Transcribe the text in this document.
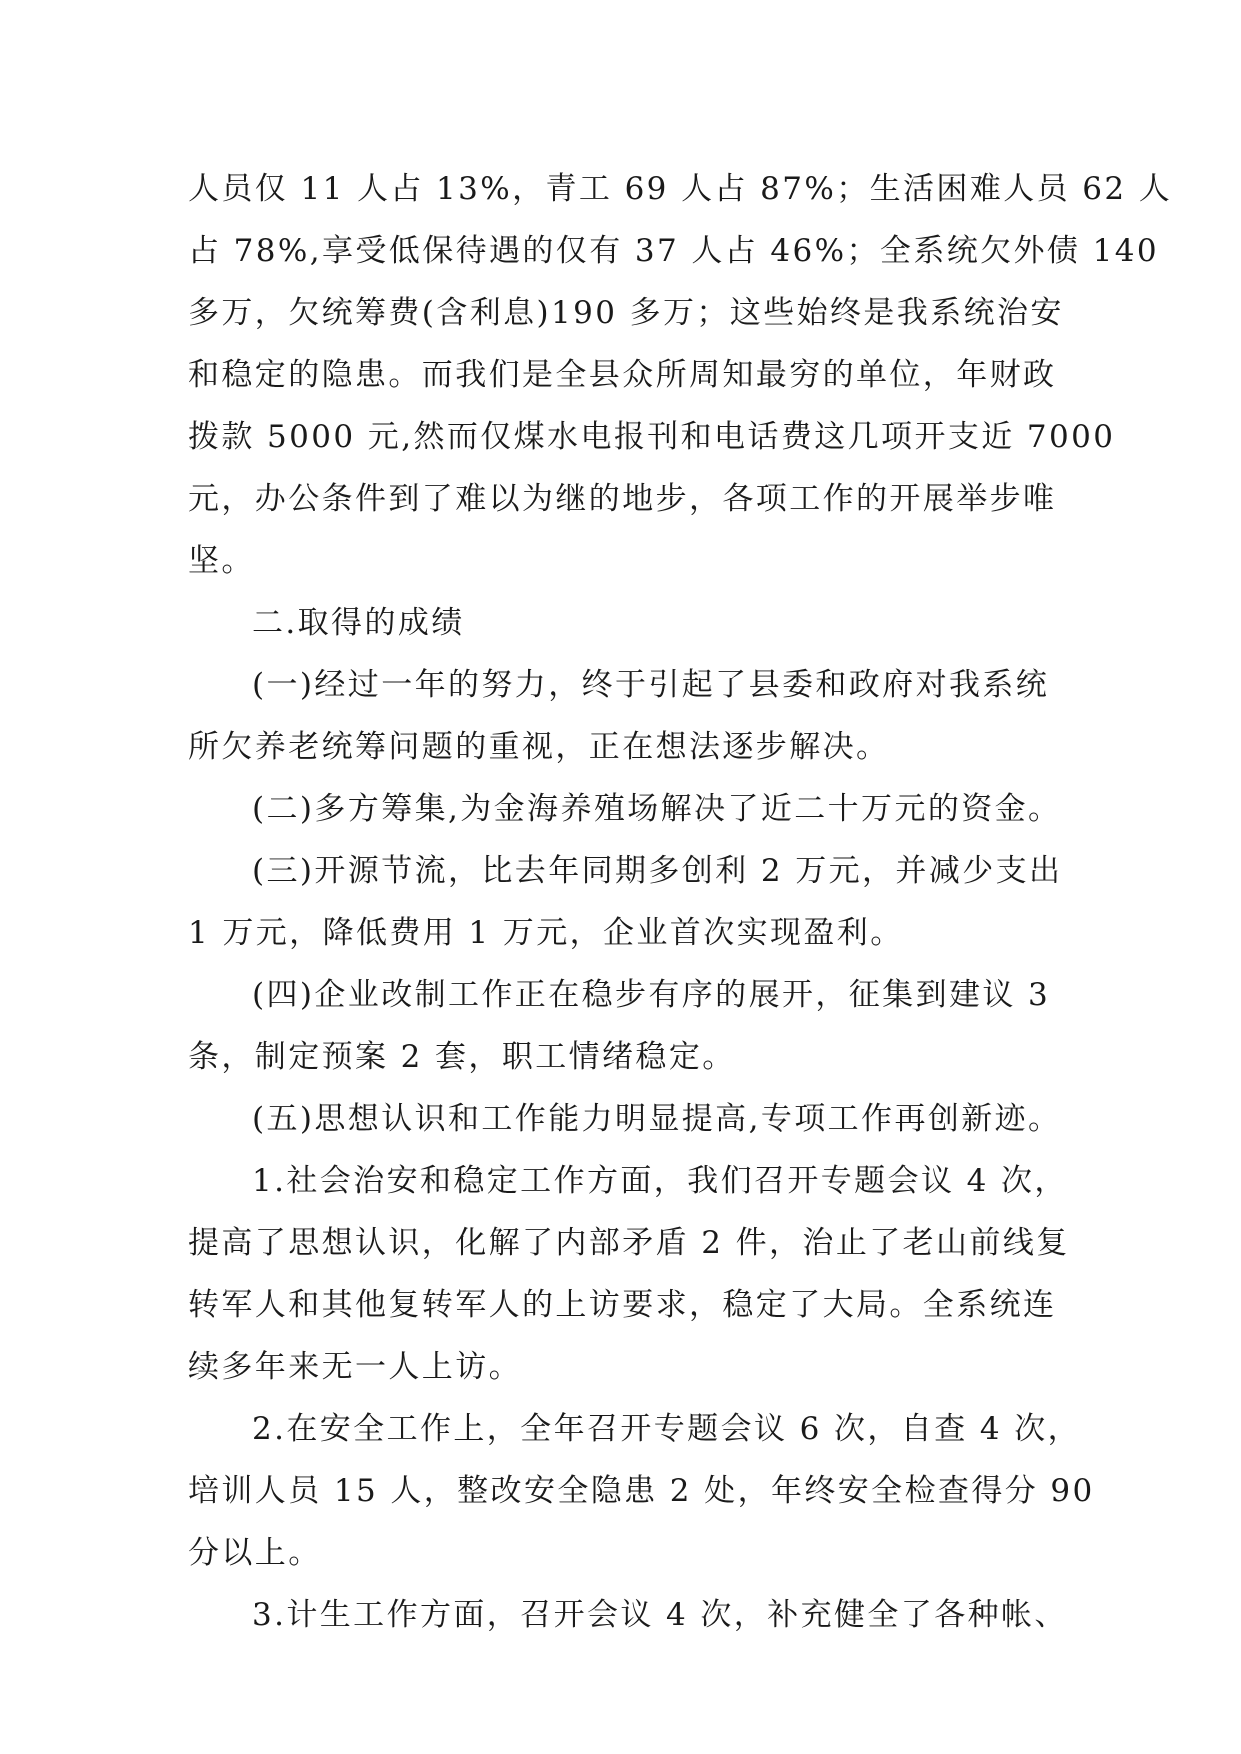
人员仅 11 人占 13%，青工 69 人占 87%；生活困难人员 62 人
占 78%,享受低保待遇的仅有 37 人占 46%；全系统欠外债 140
多万，欠统筹费(含利息)190 多万；这些始终是我系统治安
和稳定的隐患。而我们是全县众所周知最穷的单位，年财政
拨款 5000 元,然而仅煤水电报刊和电话费这几项开支近 7000
元，办公条件到了难以为继的地步，各项工作的开展举步唯
坚。
二.取得的成绩
(一)经过一年的努力，终于引起了县委和政府对我系统
所欠养老统筹问题的重视，正在想法逐步解决。
(二)多方筹集,为金海养殖场解决了近二十万元的资金。
(三)开源节流，比去年同期多创利 2 万元，并减少支出
1 万元，降低费用 1 万元，企业首次实现盈利。
(四)企业改制工作正在稳步有序的展开，征集到建议 3
条，制定预案 2 套，职工情绪稳定。
(五)思想认识和工作能力明显提高,专项工作再创新迹。
1.社会治安和稳定工作方面，我们召开专题会议 4 次，
提高了思想认识，化解了内部矛盾 2 件，治止了老山前线复
转军人和其他复转军人的上访要求，稳定了大局。全系统连
续多年来无一人上访。
2.在安全工作上，全年召开专题会议 6 次，自查 4 次，
培训人员 15 人，整改安全隐患 2 处，年终安全检查得分 90
分以上。
3.计生工作方面，召开会议 4 次，补充健全了各种帐、
